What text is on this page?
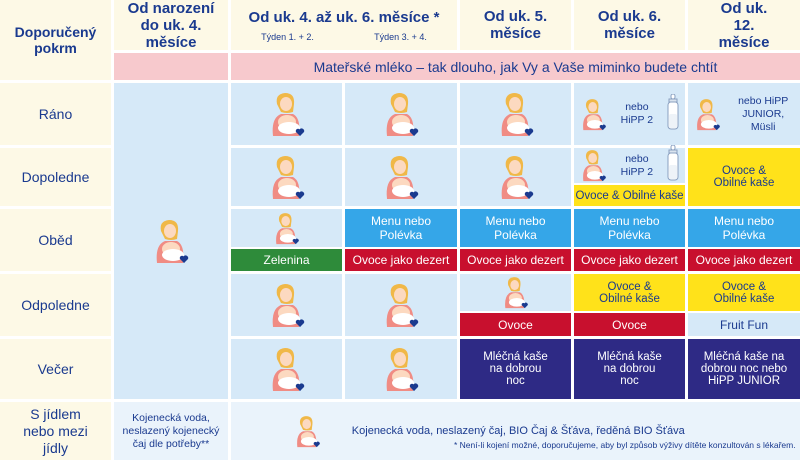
Doporučený pokrm
Od narození do uk. 4. měsíce
Od uk. 4. až uk. 6. měsíce *
Týden 1. + 2.	Týden 3. + 4.
Od uk. 5. měsíce
Od uk. 6. měsíce
Od uk. 12. měsíce
Mateřské mléko – tak dlouho, jak Vy a Vaše miminko budete chtít
Ráno
Dopoledne
Oběd
Odpoledne
Večer
S jídlem nebo mezi jídly
nebo HiPP 2
nebo HiPP JUNIOR, Müsli
nebo HiPP 2
Ovoce & Obilné kaše
Ovoce & Obilné kaše
Zelenina
Menu nebo Polévka
Ovoce jako dezert
Menu nebo Polévka
Ovoce jako dezert
Menu nebo Polévka
Ovoce jako dezert
Menu nebo Polévka
Ovoce jako dezert
Ovoce
Ovoce & Obilné kaše
Ovoce
Ovoce & Obilné kaše
Fruit Fun
Mléčná kaše na dobrou noc
Mléčná kaše na dobrou noc
Mléčná kaše na dobrou noc nebo HiPP JUNIOR
Kojenecká voda, neslazený kojenecký čaj dle potřeby**
Kojenecká voda, neslazený čaj, BIO Čaj & Šťáva, ředěná BIO Šťáva
* Není-li kojení možné, doporučujeme, aby byl způsob výživy dítěte konzultován s lékařem.
